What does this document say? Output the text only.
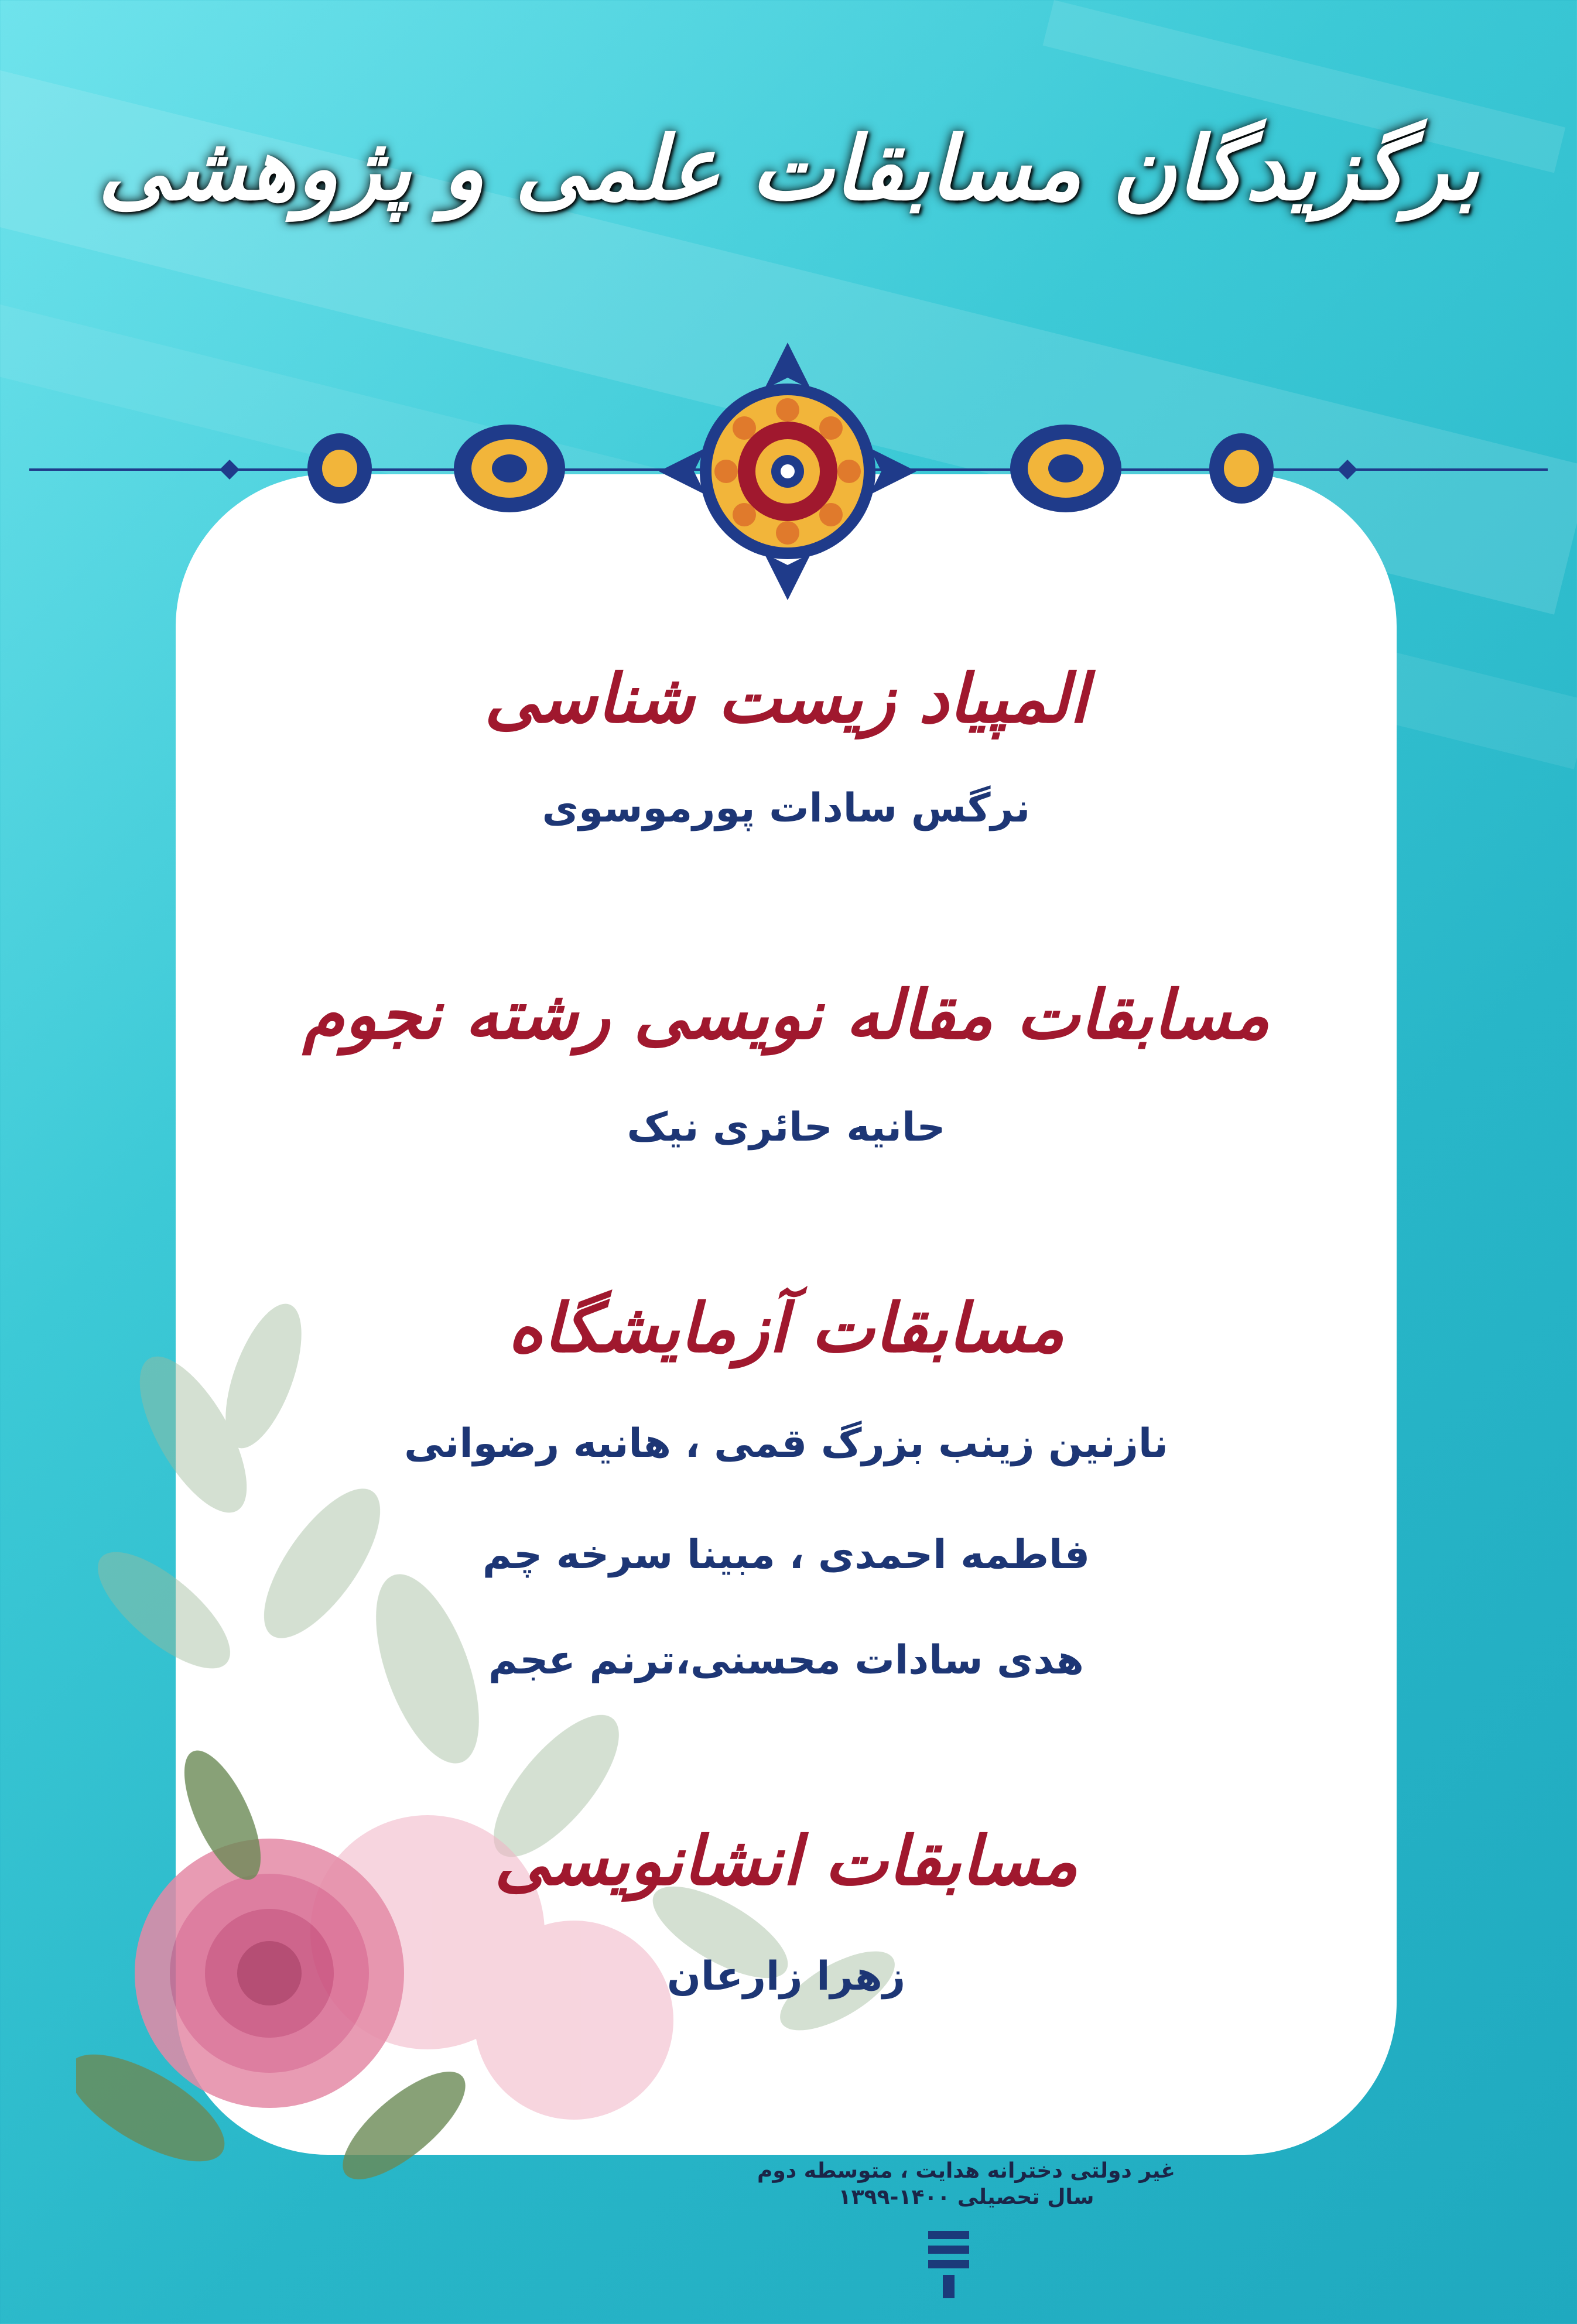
برگزیدگان مسابقات علمی و پژوهشی
المپیاد زیست شناسی
نرگس سادات پورموسوی
مسابقات مقاله نویسی رشته نجوم
حانیه حائری نیک
مسابقات آزمایشگاه
نازنین زینب بزرگ قمی ، هانیه رضوانی
فاطمه احمدی ، مبینا سرخه چم
هدی سادات محسنی،ترنم عجم
مسابقات انشانویسی
زهرا زارعان
غیر دولتی دخترانه هدایت ، متوسطه دوم
سال تحصیلی ۱۴۰۰-۱۳۹۹
